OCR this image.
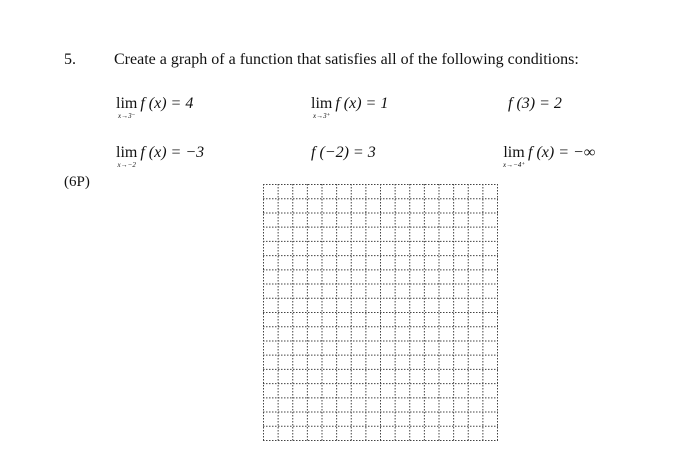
5. Create a graph of a function that satisfies all of the following conditions:
lim
x→3⁻
f (x) = 4	lim
x→3⁺
f (x) = 1	f (3) = 2
lim
x→−2
f (x) = −3	f (−2) = 3	lim
x→−4⁺
f (x) = −∞
(6P)
